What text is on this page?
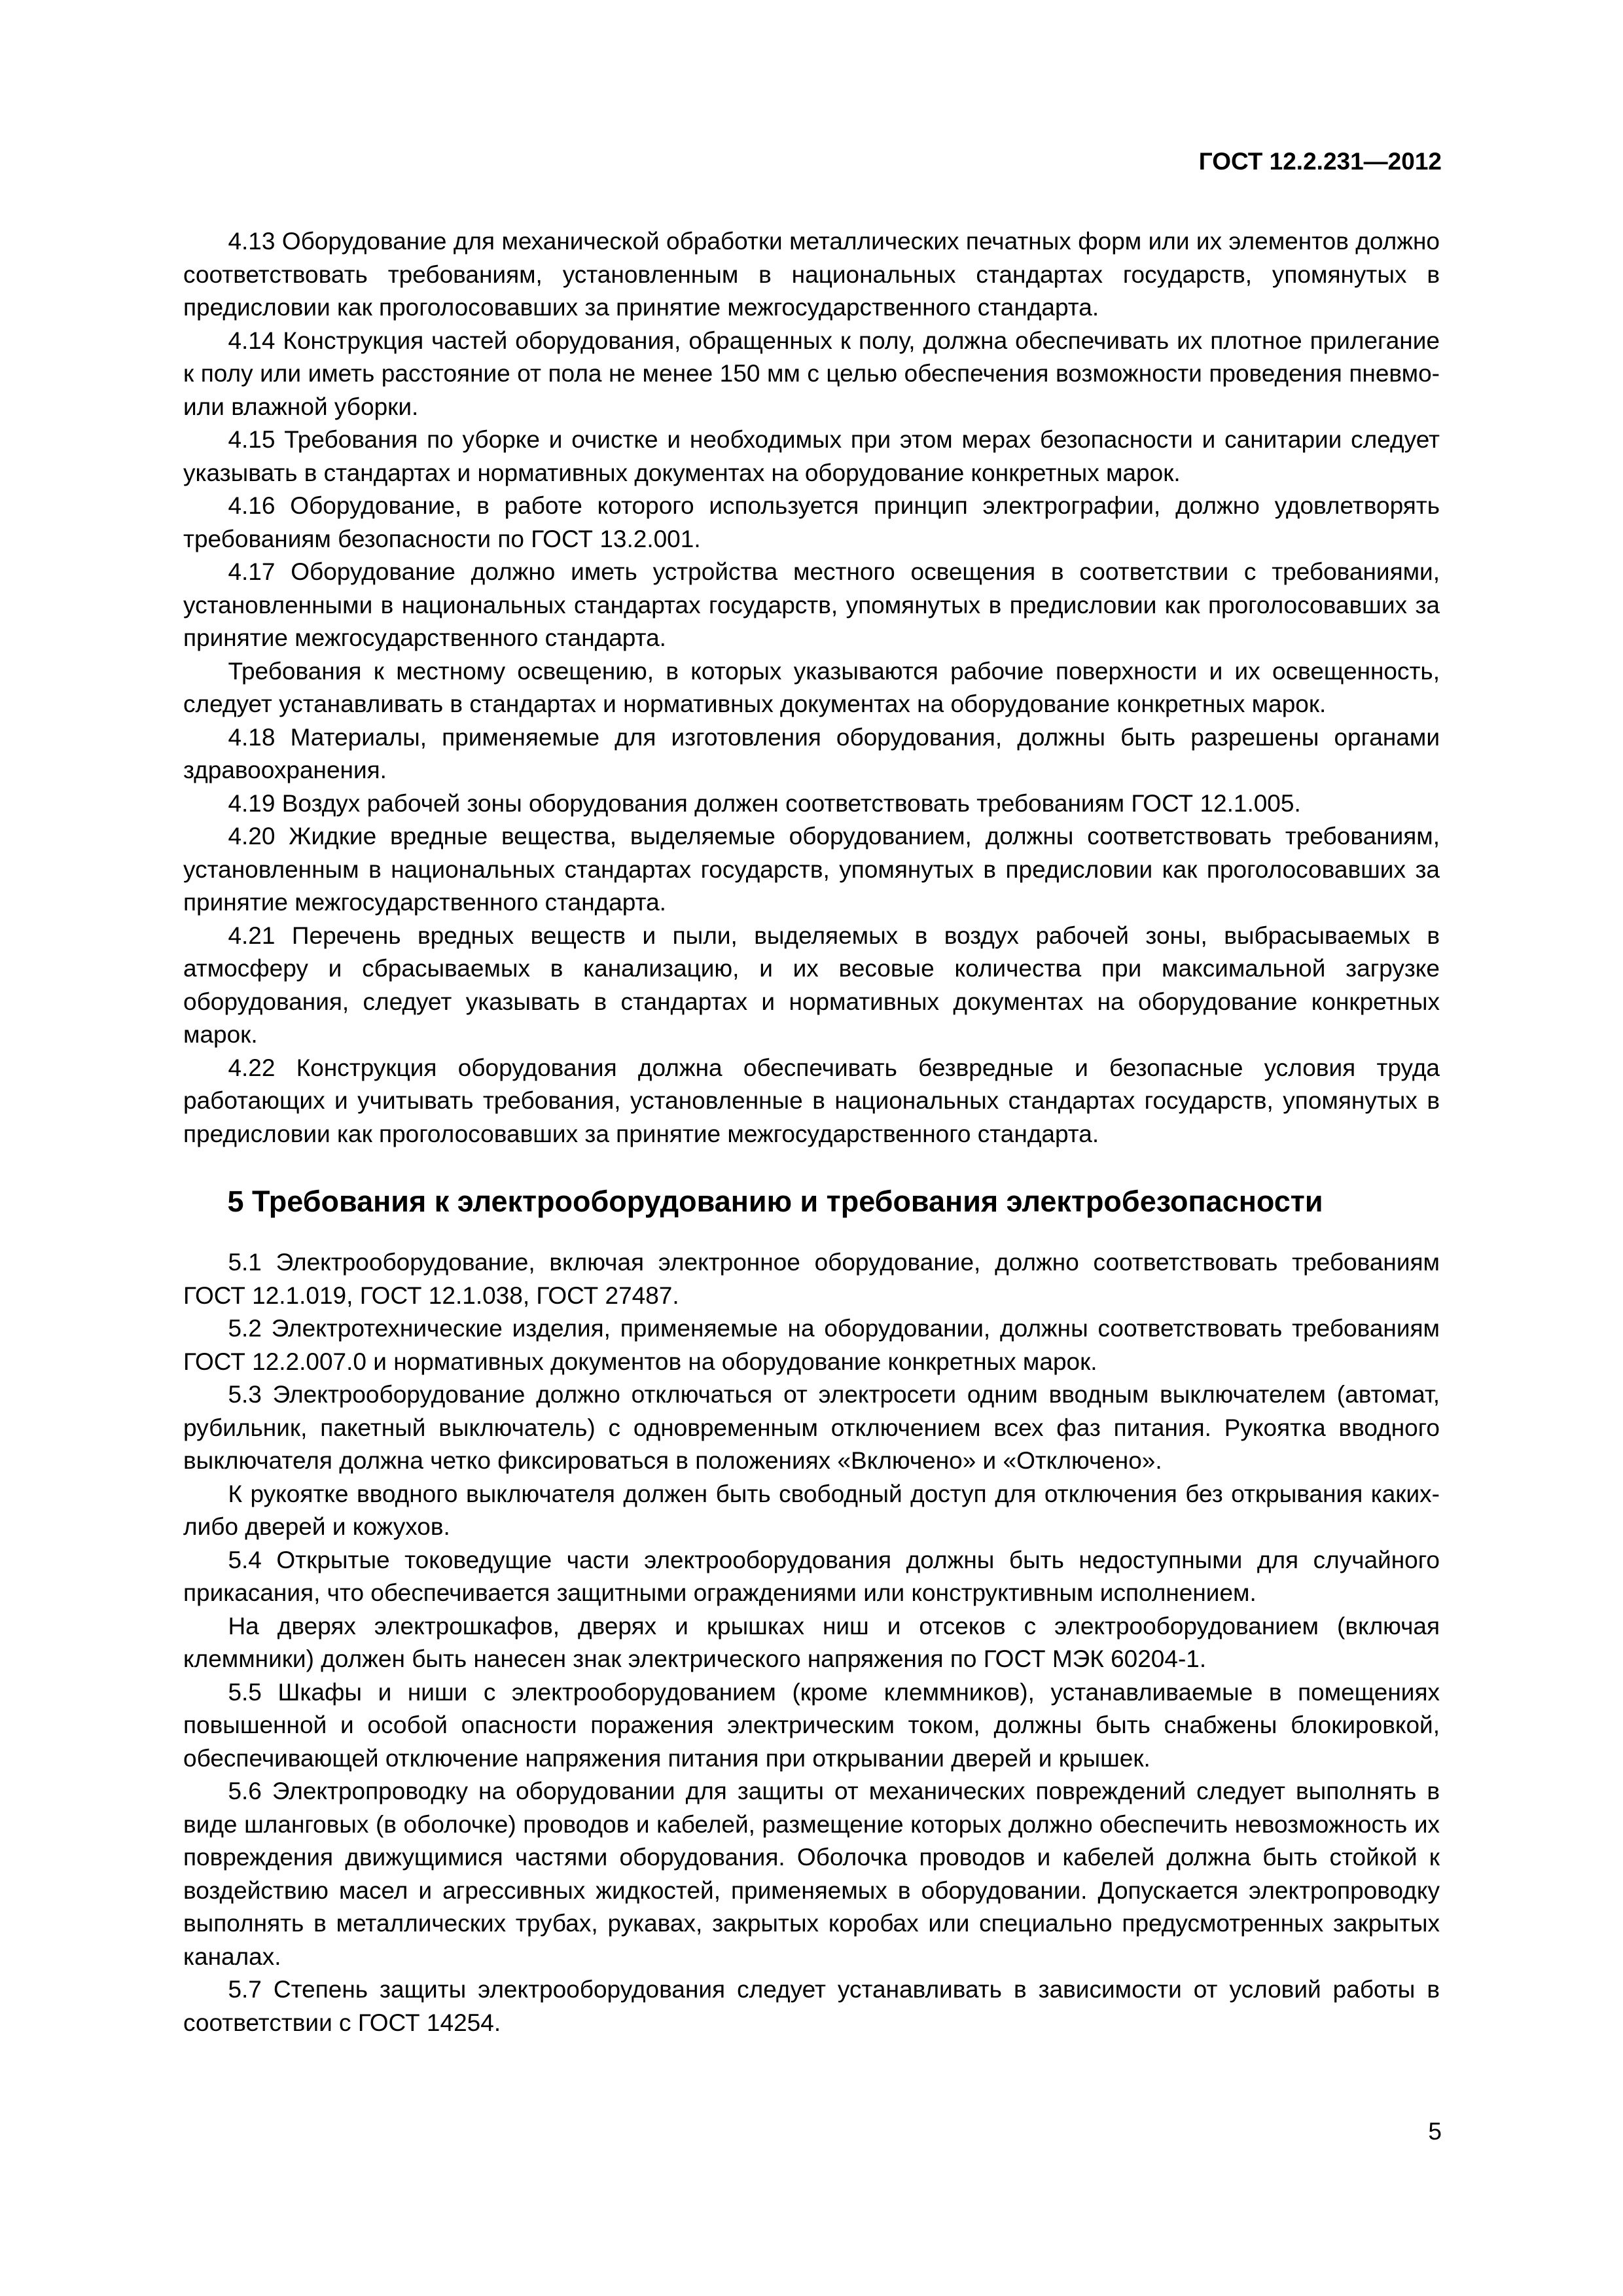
ГОСТ 12.2.231—2012

4.13 Оборудование для механической обработки металлических печатных форм или их элементов должно соответствовать требованиям, установленным в национальных стандартах государств, упомянутых в предисловии как проголосовавших за принятие межгосударственного стандарта.

4.14 Конструкция частей оборудования, обращенных к полу, должна обеспечивать их плотное прилегание к полу или иметь расстояние от пола не менее 150 мм с целью обеспечения возможности проведения пневмо- или влажной уборки.

4.15 Требования по уборке и очистке и необходимых при этом мерах безопасности и санитарии следует указывать в стандартах и нормативных документах на оборудование конкретных марок.

4.16 Оборудование, в работе которого используется принцип электрографии, должно удовлетворять требованиям безопасности по ГОСТ 13.2.001.

4.17 Оборудование должно иметь устройства местного освещения в соответствии с требованиями, установленными в национальных стандартах государств, упомянутых в предисловии как проголосовавших за принятие межгосударственного стандарта.

Требования к местному освещению, в которых указываются рабочие поверхности и их освещенность, следует устанавливать в стандартах и нормативных документах на оборудование конкретных марок.

4.18 Материалы, применяемые для изготовления оборудования, должны быть разрешены органами здравоохранения.

4.19 Воздух рабочей зоны оборудования должен соответствовать требованиям ГОСТ 12.1.005.

4.20 Жидкие вредные вещества, выделяемые оборудованием, должны соответствовать требованиям, установленным в национальных стандартах государств, упомянутых в предисловии как проголосовавших за принятие межгосударственного стандарта.

4.21 Перечень вредных веществ и пыли, выделяемых в воздух рабочей зоны, выбрасываемых в атмосферу и сбрасываемых в канализацию, и их весовые количества при максимальной загрузке оборудования, следует указывать в стандартах и нормативных документах на оборудование конкретных марок.

4.22 Конструкция оборудования должна обеспечивать безвредные и безопасные условия труда работающих и учитывать требования, установленные в национальных стандартах государств, упомянутых в предисловии как проголосовавших за принятие межгосударственного стандарта.

5 Требования к электрооборудованию и требования электробезопасности

5.1 Электрооборудование, включая электронное оборудование, должно соответствовать требованиям ГОСТ 12.1.019, ГОСТ 12.1.038, ГОСТ 27487.

5.2 Электротехнические изделия, применяемые на оборудовании, должны соответствовать требованиям ГОСТ 12.2.007.0 и нормативных документов на оборудование конкретных марок.

5.3 Электрооборудование должно отключаться от электросети одним вводным выключателем (автомат, рубильник, пакетный выключатель) с одновременным отключением всех фаз питания. Рукоятка вводного выключателя должна четко фиксироваться в положениях «Включено» и «Отключено».

К рукоятке вводного выключателя должен быть свободный доступ для отключения без открывания каких-либо дверей и кожухов.

5.4 Открытые токоведущие части электрооборудования должны быть недоступными для случайного прикасания, что обеспечивается защитными ограждениями или конструктивным исполнением.

На дверях электрошкафов, дверях и крышках ниш и отсеков с электрооборудованием (включая клеммники) должен быть нанесен знак электрического напряжения по ГОСТ МЭК 60204-1.

5.5 Шкафы и ниши с электрооборудованием (кроме клеммников), устанавливаемые в помещениях повышенной и особой опасности поражения электрическим током, должны быть снабжены блокировкой, обеспечивающей отключение напряжения питания при открывании дверей и крышек.

5.6 Электропроводку на оборудовании для защиты от механических повреждений следует выполнять в виде шланговых (в оболочке) проводов и кабелей, размещение которых должно обеспечить невозможность их повреждения движущимися частями оборудования. Оболочка проводов и кабелей должна быть стойкой к воздействию масел и агрессивных жидкостей, применяемых в оборудовании. Допускается электропроводку выполнять в металлических трубах, рукавах, закрытых коробах или специально предусмотренных закрытых каналах.

5.7 Степень защиты электрооборудования следует устанавливать в зависимости от условий работы в соответствии с ГОСТ 14254.

5
